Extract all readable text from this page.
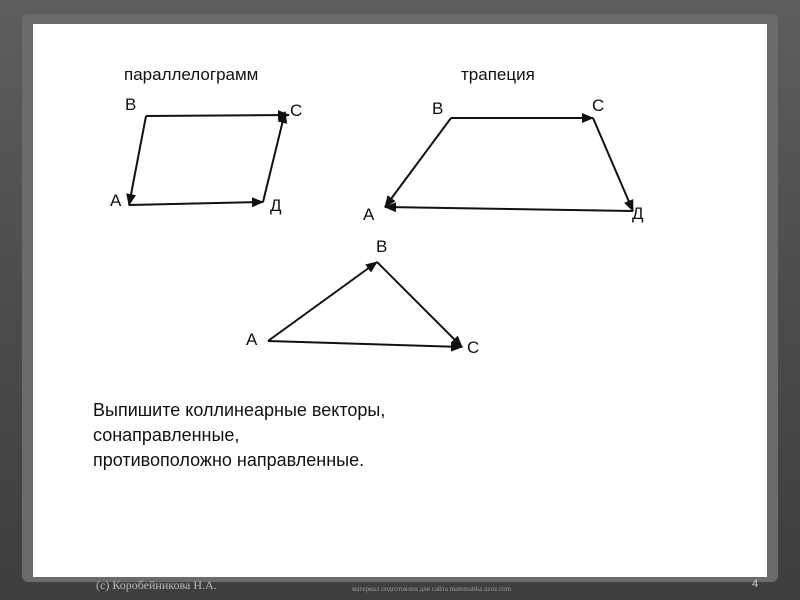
параллелограмм
В	С
А	Д
трапеция
В	С
А	Д
В
А	С
Выпишите коллинеарные векторы,
сонаправленные,
противоположно направленные.
(с) Коробейникова Н.А.	материал подготовлен для сайта matematika.ucoz.com	4
